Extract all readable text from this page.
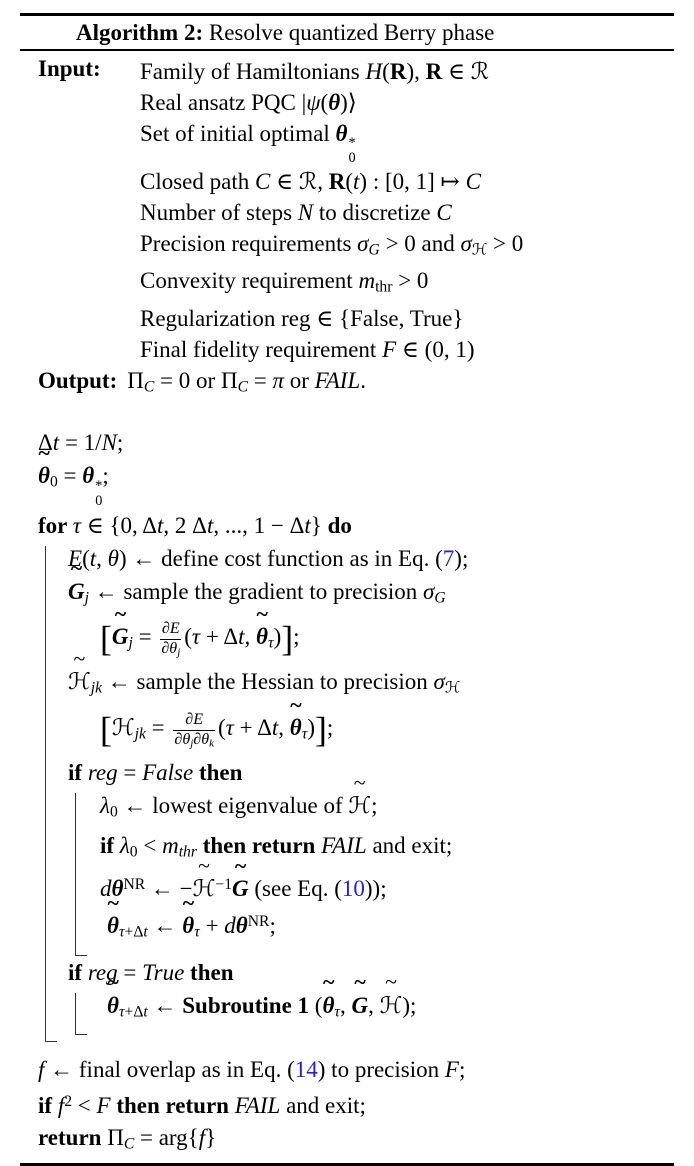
Algorithm 2: Resolve quantized Berry phase
Input:	Family of Hamiltonians H(R), R ∈ ℛ
Real ansatz PQC |ψ(θ)⟩
Set of initial optimal θ *
0
Closed path C ∈ ℛ, R(t) : [0, 1] ↦ C
Number of steps N to discretize C
Precision requirements σG > 0 and σℋ > 0
Convexity requirement mthr > 0
Regularization reg ∈ {False, True}
Final fidelity requirement F ∈ (0, 1)
Output: ΠC = 0 or ΠC = π or FAIL.
Δt = 1/N;
θ ~0 = θ *
0
;
for τ ∈ {0, Δt, 2 Δt, ..., 1 − Δt} do
E(t, θ) ← define cost function as in Eq. (7);
G ~j ← sample the gradient to precision σG
[G ~j = $\frac{\partial E}{\partial\theta j} (\tau + \Delta t$, θ ~τ)];
ℋ ~jk ← sample the Hessian to precision σℋ
[ℋjk = $\frac{\partial E}{\partial\theta j\partial\theta k} (\tau + \Delta t$, θ ~τ)];
if reg = False then
λ0 ← lowest eigenvalue of ℋ ~;
if λ0 < mthr then return FAIL and exit;
$d\theta^{NR}$ ← −ℋ ~$^{-1}$G ~ (see Eq. (10));
θ ~τ+Δt ← θ ~τ + $d\theta^{NR}$;
if reg = True then
θ ~τ+Δt ← Subroutine 1 (θ ~τ, G ~, ℋ ~);
f ← final overlap as in Eq. (14) to precision F;
if $f^2 < F$ then return FAIL and exit;
return ΠC = arg{f}
